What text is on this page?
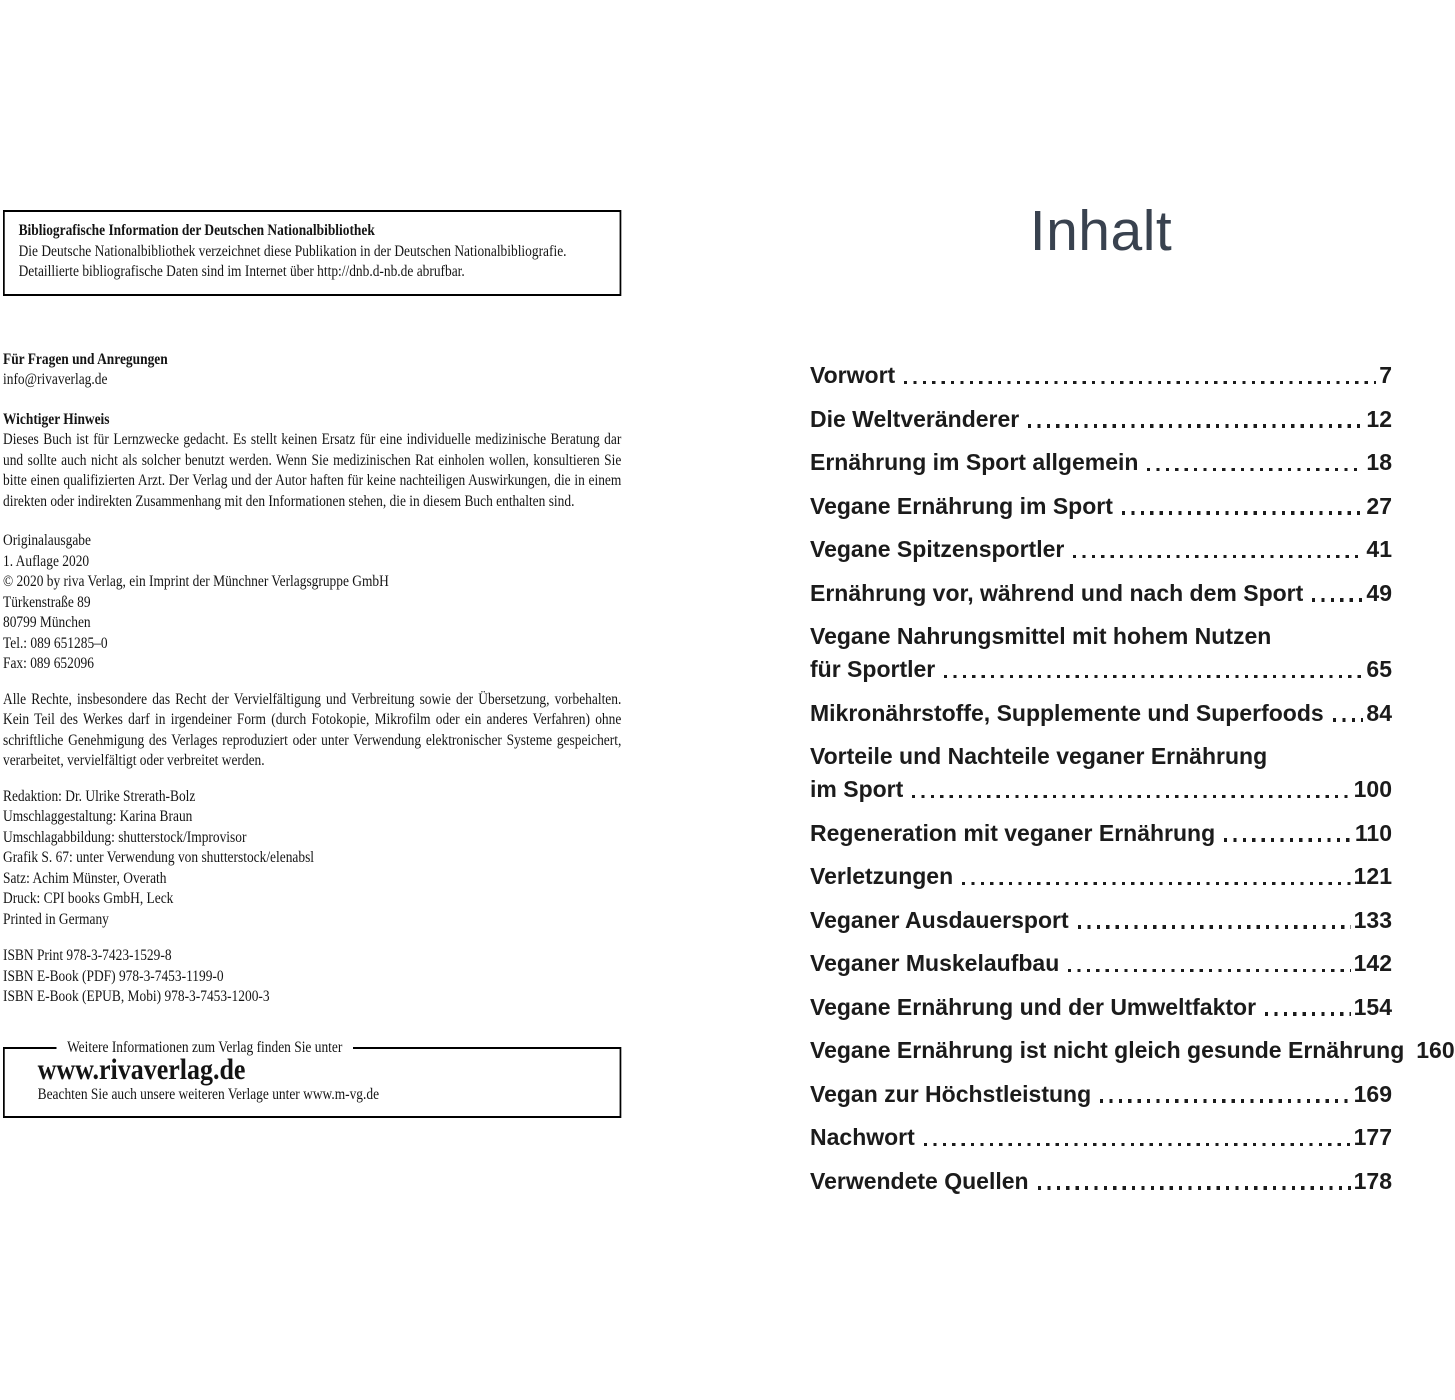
Bibliografische Information der Deutschen Nationalbibliothek
Die Deutsche Nationalbibliothek verzeichnet diese Publikation in der Deutschen Nationalbibliografie. Detaillierte bibliografische Daten sind im Internet über http://dnb.d-nb.de abrufbar.
Für Fragen und Anregungen
info@rivaverlag.de
Wichtiger Hinweis
Dieses Buch ist für Lernzwecke gedacht. Es stellt keinen Ersatz für eine individuelle medizinische Beratung dar und sollte auch nicht als solcher benutzt werden. Wenn Sie medizinischen Rat einholen wollen, konsultieren Sie bitte einen qualifizierten Arzt. Der Verlag und der Autor haften für keine nachteiligen Auswirkungen, die in einem direkten oder indirekten Zusammenhang mit den Informationen stehen, die in diesem Buch enthalten sind.
Originalausgabe
1. Auflage 2020
© 2020 by riva Verlag, ein Imprint der Münchner Verlagsgruppe GmbH
Türkenstraße 89
80799 München
Tel.: 089 651285–0
Fax: 089 652096
Alle Rechte, insbesondere das Recht der Vervielfältigung und Verbreitung sowie der Übersetzung, vorbehalten. Kein Teil des Werkes darf in irgendeiner Form (durch Fotokopie, Mikrofilm oder ein anderes Verfahren) ohne schriftliche Genehmigung des Verlages reproduziert oder unter Verwendung elektronischer Systeme gespeichert, verarbeitet, vervielfältigt oder verbreitet werden.
Redaktion: Dr. Ulrike Strerath-Bolz
Umschlaggestaltung: Karina Braun
Umschlagabbildung: shutterstock/Improvisor
Grafik S. 67: unter Verwendung von shutterstock/elenabsl
Satz: Achim Münster, Overath
Druck: CPI books GmbH, Leck
Printed in Germany
ISBN Print 978-3-7423-1529-8
ISBN E-Book (PDF) 978-3-7453-1199-0
ISBN E-Book (EPUB, Mobi) 978-3-7453-1200-3
Weitere Informationen zum Verlag finden Sie unter
www.rivaverlag.de
Beachten Sie auch unsere weiteren Verlage unter www.m-vg.de
Inhalt
Vorwort	7
Die Weltveränderer	12
Ernährung im Sport allgemein	18
Vegane Ernährung im Sport	27
Vegane Spitzensportler	41
Ernährung vor, während und nach dem Sport	49
Vegane Nahrungsmittel mit hohem Nutzen
für Sportler	65
Mikronährstoffe, Supplemente und Superfoods 84
Vorteile und Nachteile veganer Ernährung
im Sport	100
Regeneration mit veganer Ernährung	110
Verletzungen	121
Veganer Ausdauersport	133
Veganer Muskelaufbau	142
Vegane Ernährung und der Umweltfaktor	154
Vegane Ernährung ist nicht gleich gesunde Ernährung 160
Vegan zur Höchstleistung	169
Nachwort	177
Verwendete Quellen	178
